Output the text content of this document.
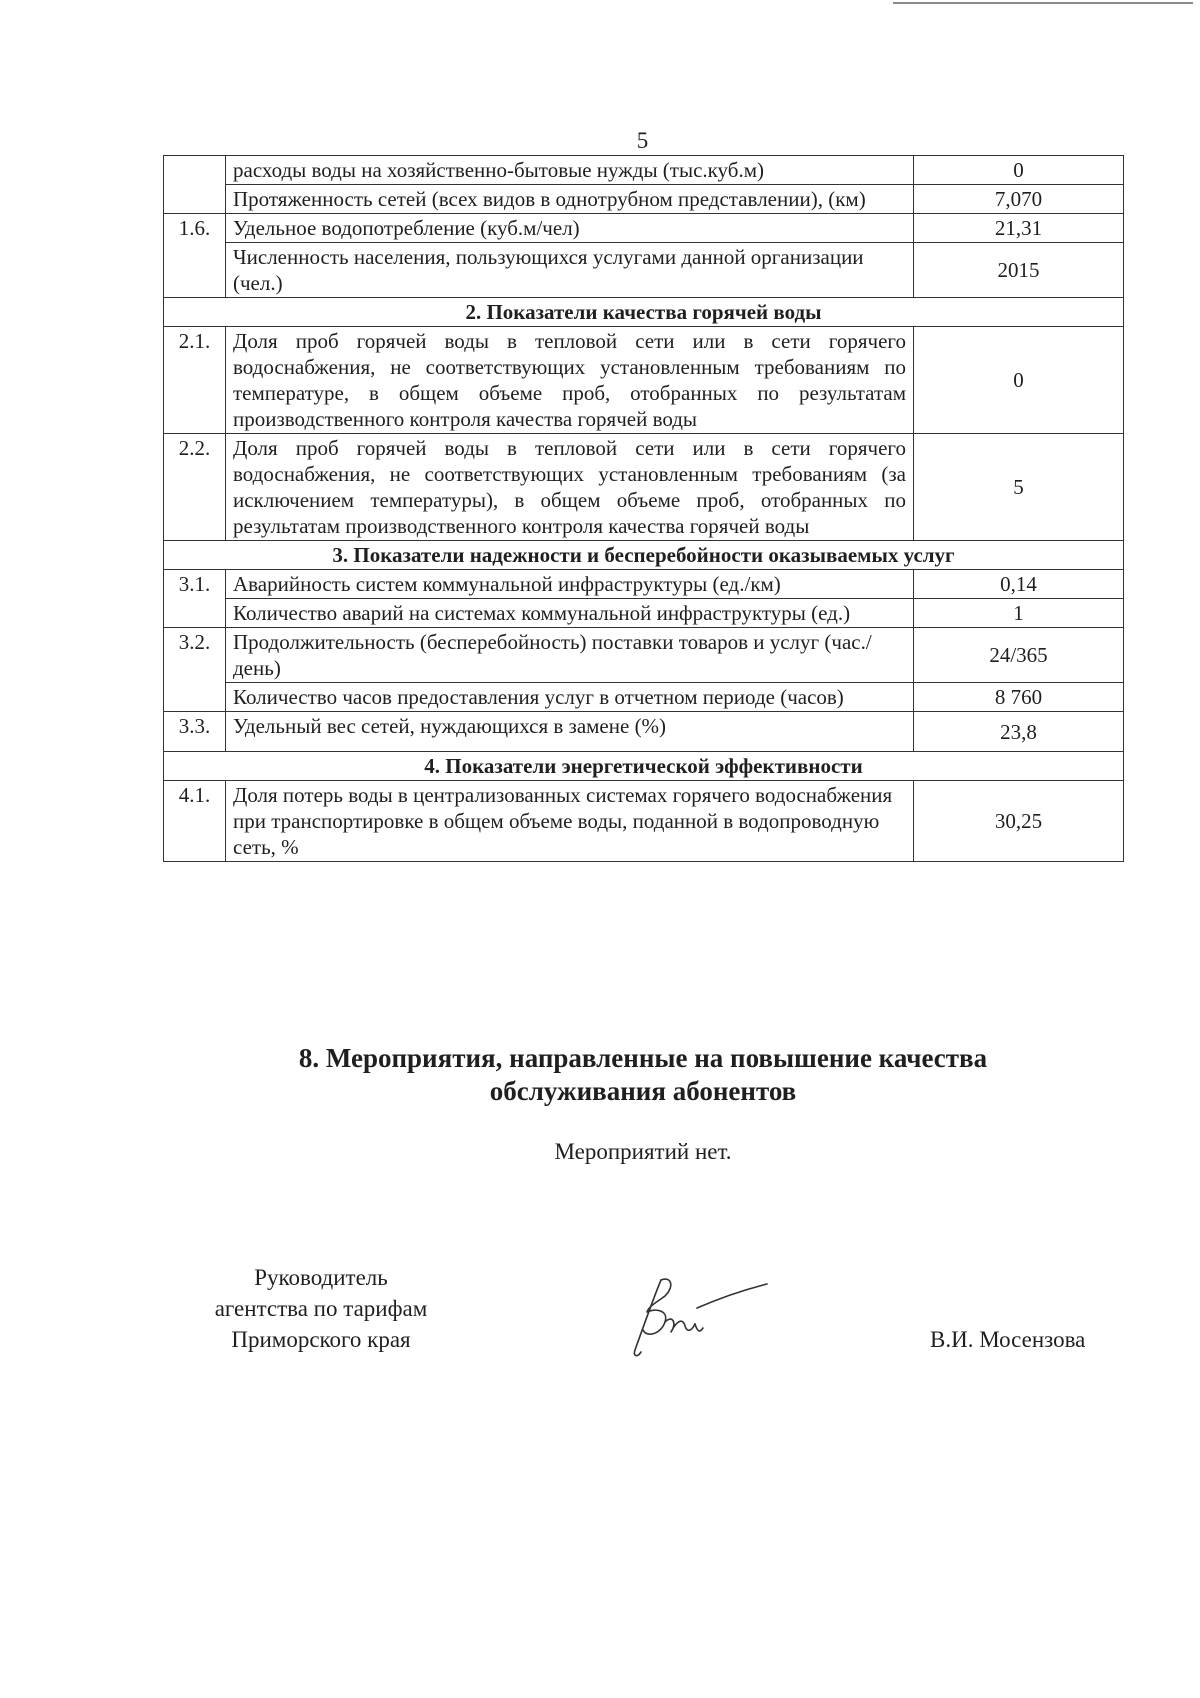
5
	расходы воды на хозяйственно-бытовые нужды (тыс.куб.м)	0
	Протяженность сетей (всех видов в однотрубном представлении), (км)	7,070
1.6.	Удельное водопотребление (куб.м/чел)	21,31
	Численность населения, пользующихся услугами данной организации (чел.)	2015
2. Показатели качества горячей воды		
2.1.	Доля проб горячей воды в тепловой сети или в сети горячего водоснабжения, не соответствующих установленным требованиям по температуре, в общем объеме проб, отобранных по результатам производственного контроля качества горячей воды	0
2.2.	Доля проб горячей воды в тепловой сети или в сети горячего водоснабжения, не соответствующих установленным требованиям (за исключением температуры), в общем объеме проб, отобранных по результатам производственного контроля качества горячей воды	5
3. Показатели надежности и бесперебойности оказываемых услуг		
3.1.	Аварийность систем коммунальной инфраструктуры (ед./км)	0,14
	Количество аварий на системах коммунальной инфраструктуры (ед.)	1
3.2.	Продолжительность (бесперебойность) поставки товаров и услуг (час./день)	24/365
	Количество часов предоставления услуг в отчетном периоде (часов)	8 760
3.3.	Удельный вес сетей, нуждающихся в замене (%)	23,8
4. Показатели энергетической эффективности		
4.1.	Доля потерь воды в централизованных системах горячего водоснабжения при транспортировке в общем объеме воды, поданной в водопроводную сеть, %	30,25
8. Мероприятия, направленные на повышение качества
обслуживания абонентов
Мероприятий нет.
Руководитель
агентства по тарифам
Приморского края	В.И. Мосензова
